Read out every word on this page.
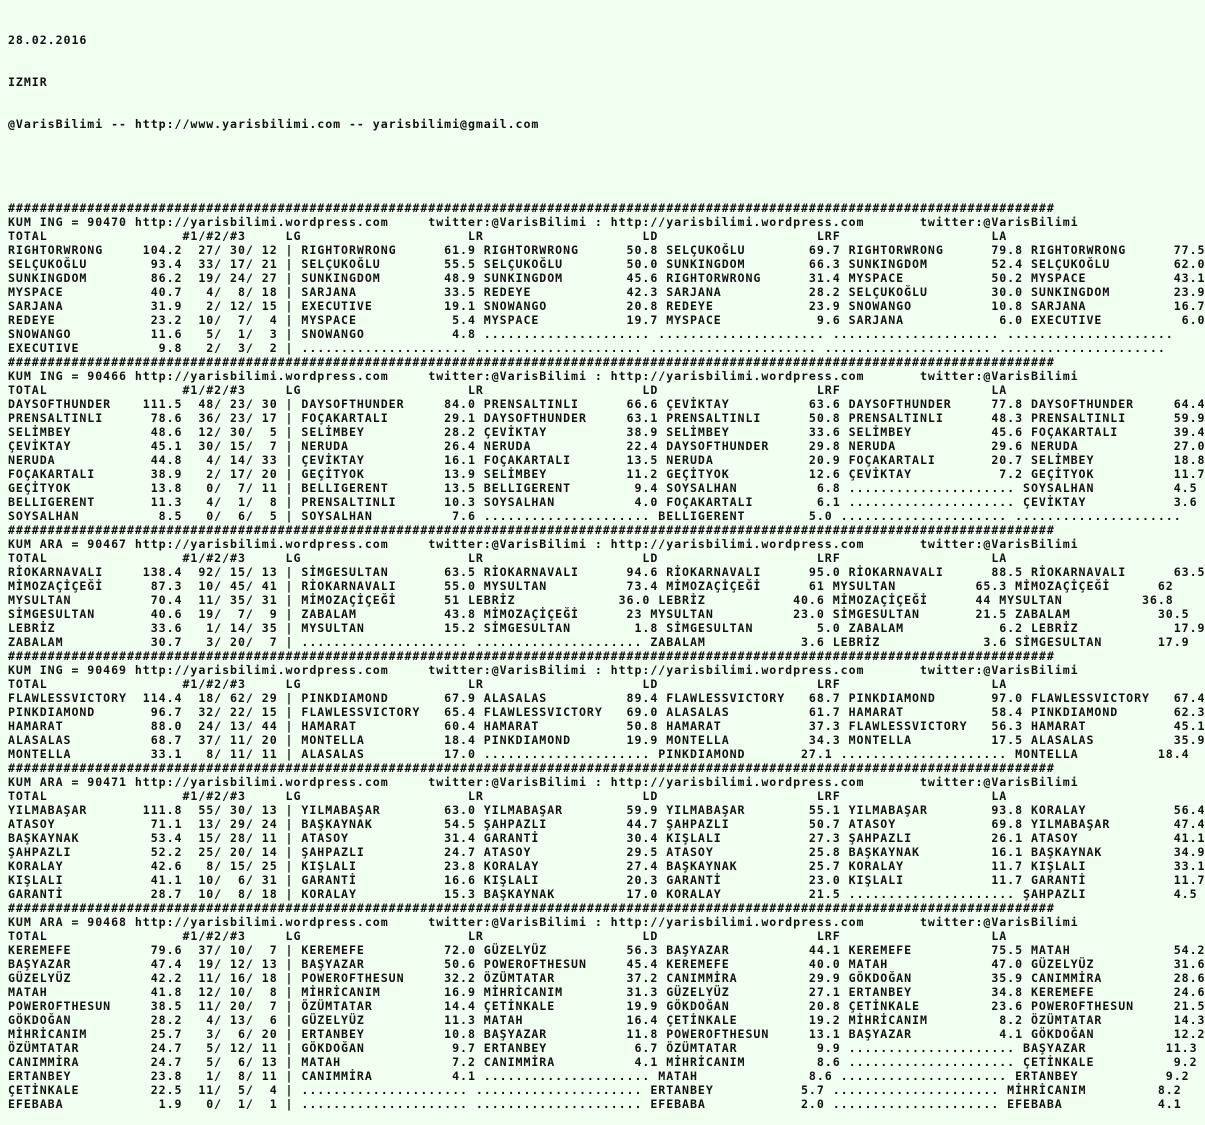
28.02.2016

IZMIR

@VarisBilimi -- http://www.yarisbilimi.com -- yarisbilimi@gmail.com

####################################################################################################################################
KUM ING = 90470 http://yarisbilimi.wordpress.com     twitter:@VarisBilimi : http://yarisbilimi.wordpress.com       twitter:@VarisBilimi
TOTAL                 #1/#2/#3     LG                     LR                    LD                    LRF                   LA
RIGHTORWRONG     104.2  27/ 30/ 12 | RIGHTORWRONG      61.9 RIGHTORWRONG      50.8 SELÇUKOĞLU        69.7 RIGHTORWRONG      79.8 RIGHTORWRONG      77.5
SELÇUKOĞLU        93.4  33/ 17/ 21 | SELÇUKOĞLU        55.5 SELÇUKOĞLU        50.0 SUNKINGDOM        66.3 SUNKINGDOM        52.4 SELÇUKOĞLU        62.0
SUNKINGDOM        86.2  19/ 24/ 27 | SUNKINGDOM        48.9 SUNKINGDOM        45.6 RIGHTORWRONG      31.4 MYSPACE           50.2 MYSPACE           43.1
MYSPACE           40.7   4/  8/ 18 | SARJANA           33.5 REDEYE            42.3 SARJANA           28.2 SELÇUKOĞLU        30.0 SUNKINGDOM        23.9
SARJANA           31.9   2/ 12/ 15 | EXECUTIVE         19.1 SNOWANGO          20.8 REDEYE            23.9 SNOWANGO          10.8 SARJANA           16.7
REDEYE            23.2  10/  7/  4 | MYSPACE            5.4 MYSPACE           19.7 MYSPACE            9.6 SARJANA            6.0 EXECUTIVE          6.0
SNOWANGO          11.6   5/  1/  3 | SNOWANGO           4.8 ..................... ..................... ..................... .....................
EXECUTIVE          9.8   2/  3/  2 | ..................... ..................... ..................... ..................... .....................
####################################################################################################################################
KUM ING = 90466 http://yarisbilimi.wordpress.com     twitter:@VarisBilimi : http://yarisbilimi.wordpress.com       twitter:@VarisBilimi
TOTAL                 #1/#2/#3     LG                     LR                    LD                    LRF                   LA
DAYSOFTHUNDER    111.5  48/ 23/ 30 | DAYSOFTHUNDER     84.0 PRENSALTINLI      66.6 ÇEVİKTAY          63.6 DAYSOFTHUNDER     77.8 DAYSOFTHUNDER     64.4
PRENSALTINLI      78.6  36/ 23/ 17 | FOÇAKARTALI       29.1 DAYSOFTHUNDER     63.1 PRENSALTINLI      50.8 PRENSALTINLI      48.3 PRENSALTINLI      59.9
SELİMBEY          48.6  12/ 30/  5 | SELİMBEY          28.2 ÇEVİKTAY          38.9 SELİMBEY          33.6 SELİMBEY          45.6 FOÇAKARTALI       39.4
ÇEVİKTAY          45.1  30/ 15/  7 | NERUDA            26.4 NERUDA            22.4 DAYSOFTHUNDER     29.8 NERUDA            29.6 NERUDA            27.0
NERUDA            44.8   4/ 14/ 33 | ÇEVİKTAY          16.1 FOÇAKARTALI       13.5 NERUDA            20.9 FOÇAKARTALI       20.7 SELİMBEY          18.8
FOÇAKARTALI       38.9   2/ 17/ 20 | GEÇİTYOK          13.9 SELİMBEY          11.2 GEÇİTYOK          12.6 ÇEVİKTAY           7.2 GEÇİTYOK          11.7
GEÇİTYOK          13.8   0/  7/ 11 | BELLIGERENT       13.5 BELLIGERENT        9.4 SOYSALHAN          6.8 ..................... SOYSALHAN          4.5
BELLIGERENT       11.3   4/  1/  8 | PRENSALTINLI      10.3 SOYSALHAN          4.0 FOÇAKARTALI        6.1 ..................... ÇEVİKTAY           3.6
SOYSALHAN          8.5   0/  6/  5 | SOYSALHAN          7.6 ..................... BELLIGERENT        5.0 ..................... .....................
####################################################################################################################################
KUM ARA = 90467 http://yarisbilimi.wordpress.com     twitter:@VarisBilimi : http://yarisbilimi.wordpress.com       twitter:@VarisBilimi
TOTAL                 #1/#2/#3     LG                     LR                    LD                    LRF                   LA
RİOKARNAVALI     138.4  92/ 15/ 13 | SİMGESULTAN       63.5 RİOKARNAVALI      94.6 RİOKARNAVALI      95.0 RİOKARNAVALI      88.5 RİOKARNAVALI      63.5
MİMOZAÇİÇEĞİ      87.3  10/ 45/ 41 | RİOKARNAVALI      55.0 MYSULTAN          73.4 MİMOZAÇİÇEĞİ      61 MYSULTAN          65.3 MİMOZAÇİÇEĞİ      62
MYSULTAN          70.4  11/ 35/ 31 | MİMOZAÇİÇEĞİ      51 LEBRİZ             36.0 LEBRİZ           40.6 MİMOZAÇİÇEĞİ      44 MYSULTAN          36.8
SİMGESULTAN       40.6  19/  7/  9 | ZABALAM           43.8 MİMOZAÇİÇEĞİ      23 MYSULTAN          23.0 SİMGESULTAN       21.5 ZABALAM           30.5
LEBRİZ            33.6   1/ 14/ 35 | MYSULTAN          15.2 SİMGESULTAN        1.8 SİMGESULTAN        5.0 ZABALAM            6.2 LEBRİZ            17.9
ZABALAM           30.7   3/ 20/  7 | ..................... ..................... ZABALAM            3.6 LEBRİZ             3.6 SİMGESULTAN       17.9
####################################################################################################################################
KUM ING = 90469 http://yarisbilimi.wordpress.com     twitter:@VarisBilimi : http://yarisbilimi.wordpress.com       twitter:@VarisBilimi
TOTAL                 #1/#2/#3     LG                     LR                    LD                    LRF                   LA
FLAWLESSVICTORY  114.4  18/ 62/ 29 | PINKDIAMOND       67.9 ALASALAS          89.4 FLAWLESSVICTORY   68.7 PINKDIAMOND       97.0 FLAWLESSVICTORY   67.4
PINKDIAMOND       96.7  32/ 22/ 15 | FLAWLESSVICTORY   65.4 FLAWLESSVICTORY   69.0 ALASALAS          61.7 HAMARAT           58.4 PINKDIAMOND       62.3
HAMARAT           88.0  24/ 13/ 44 | HAMARAT           60.4 HAMARAT           50.8 HAMARAT           37.3 FLAWLESSVICTORY   56.3 HAMARAT           45.1
ALASALAS          68.7  37/ 11/ 20 | MONTELLA          18.4 PINKDIAMOND       19.9 MONTELLA          34.3 MONTELLA          17.5 ALASALAS          35.9
MONTELLA          33.1   8/ 11/ 11 | ALASALAS          17.0 ..................... PINKDIAMOND       27.1 ..................... MONTELLA          18.4
####################################################################################################################################
KUM ARA = 90471 http://yarisbilimi.wordpress.com     twitter:@VarisBilimi : http://yarisbilimi.wordpress.com       twitter:@VarisBilimi
TOTAL                 #1/#2/#3     LG                     LR                    LD                    LRF                   LA
YILMABAŞAR       111.8  55/ 30/ 13 | YILMABAŞAR        63.0 YILMABAŞAR        59.9 YILMABAŞAR        55.1 YILMABAŞAR        93.8 KORALAY           56.4
ATASOY            71.1  13/ 29/ 24 | BAŞKAYNAK         54.5 ŞAHPAZLI          44.7 ŞAHPAZLI          50.7 ATASOY            69.8 YILMABAŞAR        47.4
BAŞKAYNAK         53.4  15/ 28/ 11 | ATASOY            31.4 GARANTİ           30.4 KIŞLALI           27.3 ŞAHPAZLI          26.1 ATASOY            41.1
ŞAHPAZLI          52.2  25/ 20/ 14 | ŞAHPAZLI          24.7 ATASOY            29.5 ATASOY            25.8 BAŞKAYNAK         16.1 BAŞKAYNAK         34.9
KORALAY           42.6   8/ 15/ 25 | KIŞLALI           23.8 KORALAY           27.4 BAŞKAYNAK         25.7 KORALAY           11.7 KIŞLALI           33.1
KIŞLALI           41.1  10/  6/ 31 | GARANTİ           16.6 KIŞLALI           20.3 GARANTİ           23.0 KIŞLALI           11.7 GARANTİ           11.7
GARANTİ           28.7  10/  8/ 18 | KORALAY           15.3 BAŞKAYNAK         17.0 KORALAY           21.5 ..................... ŞAHPAZLI           4.5
####################################################################################################################################
KUM ARA = 90468 http://yarisbilimi.wordpress.com     twitter:@VarisBilimi : http://yarisbilimi.wordpress.com       twitter:@VarisBilimi
TOTAL                 #1/#2/#3     LG                     LR                    LD                    LRF                   LA
KEREMEFE          79.6  37/ 10/  7 | KEREMEFE          72.0 GÜZELYÜZ          56.3 BAŞYAZAR          44.1 KEREMEFE          75.5 MATAH             54.2
BAŞYAZAR          47.4  19/ 12/ 13 | BAŞYAZAR          50.6 POWEROFTHESUN     45.4 KEREMEFE          40.0 MATAH             47.0 GÜZELYÜZ          31.6
GÜZELYÜZ          42.2  11/ 16/ 18 | POWEROFTHESUN     32.2 ÖZÜMTATAR         37.2 CANIMMİRA         29.9 GÖKDOĞAN          35.9 CANIMMİRA         28.6
MATAH             41.8  12/ 10/  8 | MİHRİCANIM        16.9 MİHRİCANIM        31.3 GÜZELYÜZ          27.1 ERTANBEY          34.8 KEREMEFE          24.6
POWEROFTHESUN     38.5  11/ 20/  7 | ÖZÜMTATAR         14.4 ÇETİNKALE         19.9 GÖKDOĞAN          20.8 ÇETİNKALE         23.6 POWEROFTHESUN     21.5
GÖKDOĞAN          28.2   4/ 13/  6 | GÜZELYÜZ          11.3 MATAH             16.4 ÇETİNKALE         19.2 MİHRİCANIM         8.2 ÖZÜMTATAR         14.3
MİHRİCANIM        25.7   3/  6/ 20 | ERTANBEY          10.8 BAŞYAZAR          11.8 POWEROFTHESUN     13.1 BAŞYAZAR           4.1 GÖKDOĞAN          12.2
ÖZÜMTATAR         24.7   5/ 12/ 11 | GÖKDOĞAN           9.7 ERTANBEY           6.7 ÖZÜMTATAR          9.9 ..................... BAŞYAZAR          11.3
CANIMMİRA         24.7   5/  6/ 13 | MATAH              7.2 CANIMMİRA          4.1 MİHRİCANIM         8.6 ..................... ÇETİNKALE          9.2
ERTANBEY          23.8   1/  8/ 11 | CANIMMİRA          4.1 ..................... MATAH              8.6 ..................... ERTANBEY           9.2
ÇETİNKALE         22.5  11/  5/  4 | ..................... ..................... ERTANBEY           5.7 ..................... MİHRİCANIM         8.2
EFEBABA            1.9   0/  1/  1 | ..................... ..................... EFEBABA            2.0 ..................... EFEBABA            4.1
